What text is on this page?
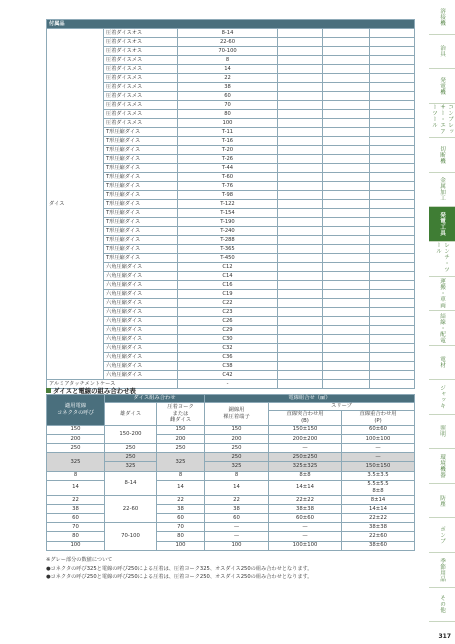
付属品					
ダイス	圧着ダイスオス	8-14			
	圧着ダイスオス	22-60			
	圧着ダイスオス	70-100			
	圧着ダイスメス	8			
	圧着ダイスメス	14			
	圧着ダイスメス	22			
	圧着ダイスメス	38			
	圧着ダイスメス	60			
	圧着ダイスメス	70			
	圧着ダイスメス	80			
	圧着ダイスメス	100			
	T形圧縮ダイス	T-11			
	T形圧縮ダイス	T-16			
	T形圧縮ダイス	T-20			
	T形圧縮ダイス	T-26			
	T形圧縮ダイス	T-44			
	T形圧縮ダイス	T-60			
	T形圧縮ダイス	T-76			
	T形圧縮ダイス	T-98			
	T形圧縮ダイス	T-122			
	T形圧縮ダイス	T-154			
	T形圧縮ダイス	T-190			
	T形圧縮ダイス	T-240			
	T形圧縮ダイス	T-288			
	T形圧縮ダイス	T-365			
	T形圧縮ダイス	T-450			
	六角圧縮ダイス	C12			
	六角圧縮ダイス	C14			
	六角圧縮ダイス	C16			
	六角圧縮ダイス	C19			
	六角圧縮ダイス	C22			
	六角圧縮ダイス	C23			
	六角圧縮ダイス	C26			
	六角圧縮ダイス	C29			
	六角圧縮ダイス	C30			
	六角圧縮ダイス	C32			
	六角圧縮ダイス	C36			
	六角圧縮ダイス	C38			
	六角圧縮ダイス	C42			
アルミアタッチメントケース		-			
ダイスと電線の組み合わせ表
適用電線
コネクタの呼び	ダイス組み合わせ		電線組合せ（㎟）		
	雄ダイス	圧着ヨーク
または
雌ダイス	銅線用
裸圧着端子	スリーブ	
				直線突合わせ用
(B)	直線重合わせ用
(P)
150	150-200	150	150	150±150	60±60
200		200	200	200±200	100±100
250	250	250	250	—	—
325	250	325	250	250±250	—
	325		325	325±325	150±150
8	8-14	8	8	8±8	3.5±3.5
14		14	14	14±14	5.5±5.5
8±8
22	22-60	22	22	22±22	8±14
38		38	38	38±38	14±14
60		60	60	60±60	22±22
70	70-100	70	—	—	38±38
80		80	—	—	22±60
100		100	100	100±100	38±60
※グレー部分の数値について
●コネクタの呼び325と電線の呼び250による圧着は、圧着ヨーク325、オスダイス250の組み合わせとなります。
●コネクタの呼び250と電線の呼び250による圧着は、圧着ヨーク250、オスダイス250の組み合わせとなります。
溶接機
治具
発電機
コンプレッサー・エアーツール
切断機
金属加工
発電工具
レンチ・ツール
運搬・車両
結線・配電
電材
ジャッキ
照明
環境機器
防塵
ポンプ
季節用品
その他
317
